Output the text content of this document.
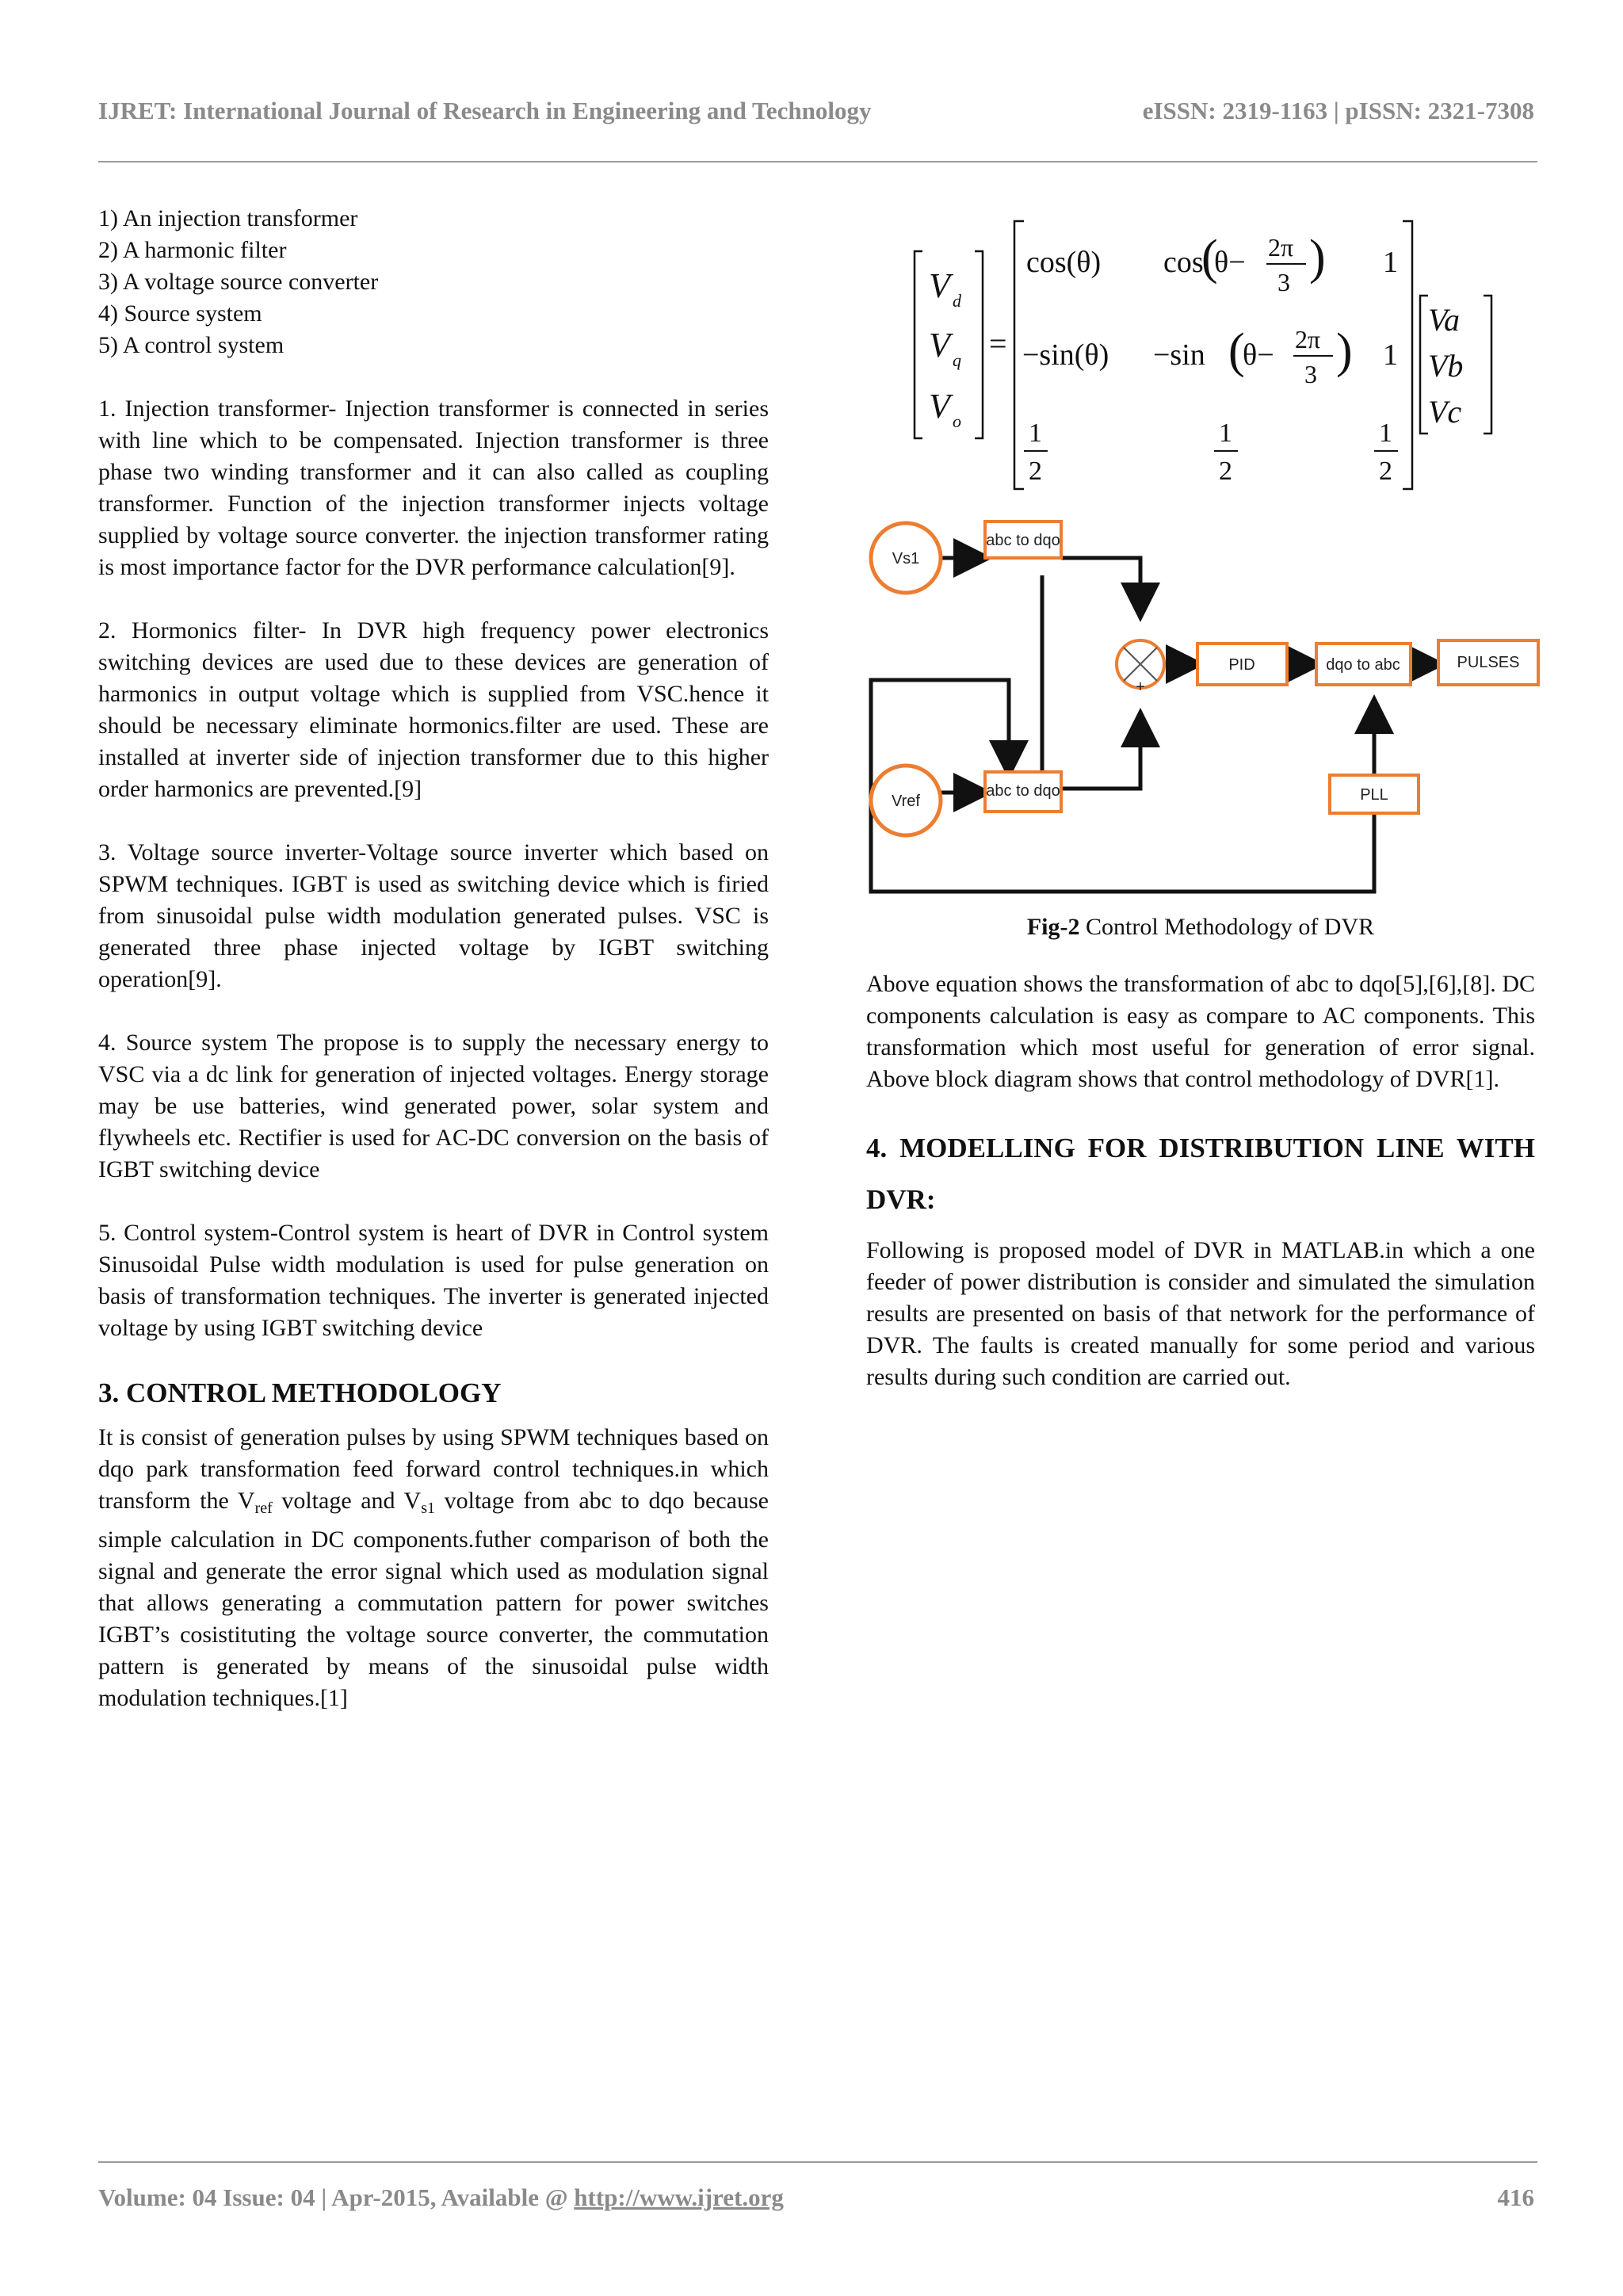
IJRET: International Journal of Research in Engineering and Technology	eISSN: 2319-1163 | pISSN: 2321-7308
1) An injection transformer
2) A harmonic filter
3) A voltage source converter
4) Source system
5) A control system

1. Injection transformer- Injection transformer is connected in series with line which to be compensated. Injection transformer is three phase two winding transformer and it can also called as coupling transformer. Function of the injection transformer injects voltage supplied by voltage source converter. the injection transformer rating is most importance factor for the DVR performance calculation[9].

2. Hormonics filter- In DVR high frequency power electronics switching devices are used due to these devices are generation of harmonics in output voltage which is supplied from VSC.hence it should be necessary eliminate hormonics.filter are used. These are installed at inverter side of injection transformer due to this higher order harmonics are prevented.[9]

3. Voltage source inverter-Voltage source inverter which based on SPWM techniques. IGBT is used as switching device which is firied from sinusoidal pulse width modulation generated pulses. VSC is generated three phase injected voltage by IGBT switching operation[9].

4. Source system The propose is to supply the necessary energy to VSC via a dc link for generation of injected voltages. Energy storage may be use batteries, wind generated power, solar system and flywheels etc. Rectifier is used for AC-DC conversion on the basis of IGBT switching device

5. Control system-Control system is heart of DVR in Control system Sinusoidal Pulse width modulation is used for pulse generation on basis of transformation techniques. The inverter is generated injected voltage by using IGBT switching device

3. CONTROL METHODOLOGY

It is consist of generation pulses by using SPWM techniques based on dqo park transformation feed forward control techniques.in which transform the $V_{ref}$ voltage and $V_{s1}$ voltage from abc to dqo because simple calculation in DC components.futher comparison of both the signal and generate the error signal which used as modulation signal that allows generating a commutation pattern for power switches IGBT’s cosistituting the voltage source converter, the commutation pattern is generated by means of the sinusoidal pulse width modulation techniques.[1]

V d
V q
V o
=
cos(θ) cos θ− 2π
3
( ) 1
−sin(θ) −sin θ− 2π
3
( ) 1
1
2
1
2
1
2
Va
Vb
Vc
Vs1
Vref
abc to dqo
abc to dqo
+
PID	dqo to abc	PULSES
PLL
Fig-2 Control Methodology of DVR

Above equation shows the transformation of abc to dqo[5],[6],[8]. DC components calculation is easy as compare to AC components. This transformation which most useful for generation of error signal. Above block diagram shows that control methodology of DVR[1].

4. MODELLING FOR DISTRIBUTION LINE WITH DVR:

Following is proposed model of DVR in MATLAB.in which a one feeder of power distribution is consider and simulated the simulation results are presented on basis of that network for the performance of DVR. The faults is created manually for some period and various results during such condition are carried out.

Volume: 04 Issue: 04 | Apr-2015, Available @ http://www.ijret.org	416
